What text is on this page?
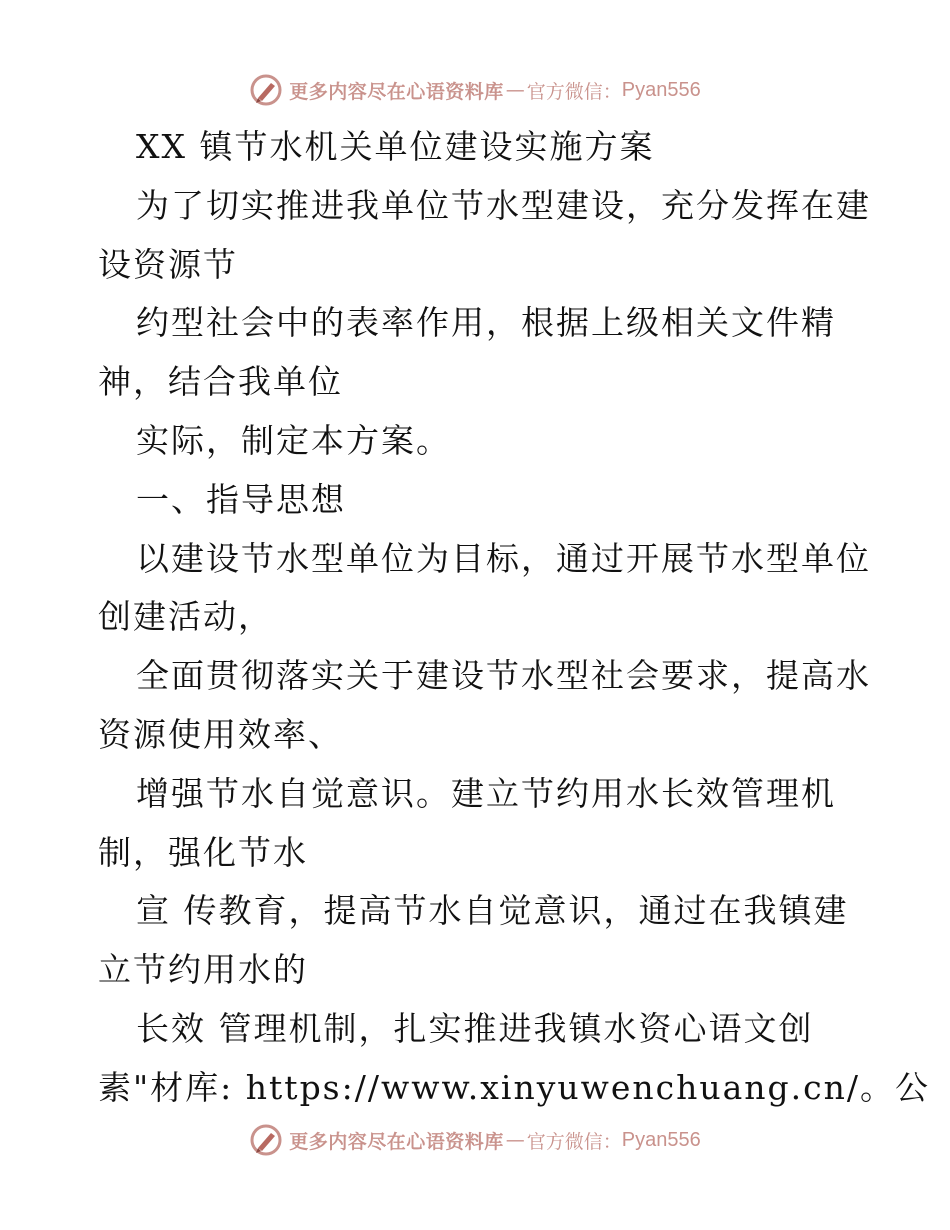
更多内容尽在心语资料库 — 官方微信： Pyan556
XX 镇节水机关单位建设实施方案
为了切实推进我单位节水型建设，充分发挥在建
设资源节
约型社会中的表率作用，根据上级相关文件精
神，结合我单位
实际，制定本方案。
一、指导思想
以建设节水型单位为目标，通过开展节水型单位
创建活动，
全面贯彻落实关于建设节水型社会要求，提高水
资源使用效率、
增强节水自觉意识。建立节约用水长效管理机
制，强化节水
宣 传教育，提高节水自觉意识，通过在我镇建
立节约用水的
长效 管理机制，扎实推进我镇水资心语文创
素"材库: https://www.xinyuwenchuang.cn/。公
更多内容尽在心语资料库 — 官方微信： Pyan556
